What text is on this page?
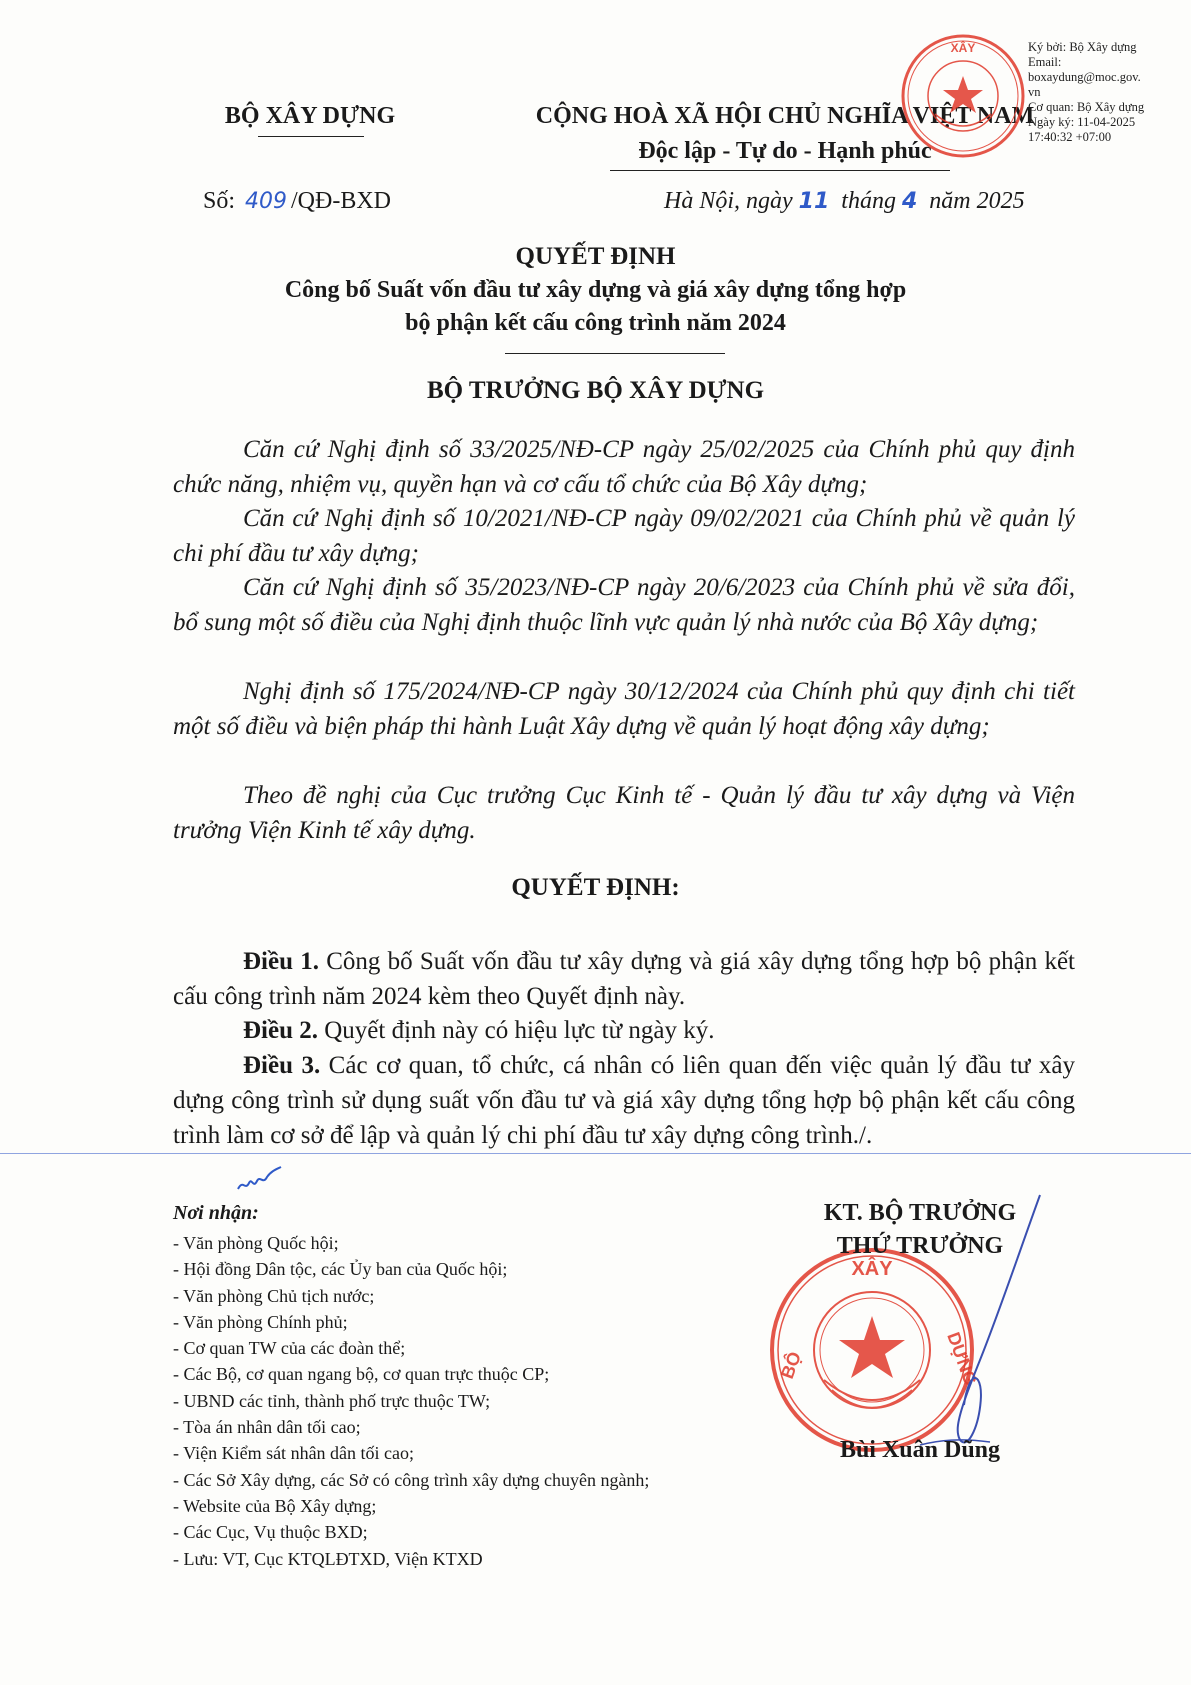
BỘ XÂY DỰNG	CỘNG HOÀ XÃ HỘI CHỦ NGHĨA VIỆT NAM
Độc lập - Tự do - Hạnh phúc
Số: 409 /QĐ-BXD	Hà Nội, ngày 11 tháng 4 năm 2025
QUYẾT ĐỊNH
Công bố Suất vốn đầu tư xây dựng và giá xây dựng tổng hợp
bộ phận kết cấu công trình năm 2024
BỘ TRƯỞNG BỘ XÂY DỰNG

Căn cứ Nghị định số 33/2025/NĐ-CP ngày 25/02/2025 của Chính phủ quy định chức năng, nhiệm vụ, quyền hạn và cơ cấu tổ chức của Bộ Xây dựng;

Căn cứ Nghị định số 10/2021/NĐ-CP ngày 09/02/2021 của Chính phủ về quản lý chi phí đầu tư xây dựng;

Căn cứ Nghị định số 35/2023/NĐ-CP ngày 20/6/2023 của Chính phủ về sửa đổi, bổ sung một số điều của Nghị định thuộc lĩnh vực quản lý nhà nước của Bộ Xây dựng;

Nghị định số 175/2024/NĐ-CP ngày 30/12/2024 của Chính phủ quy định chi tiết một số điều và biện pháp thi hành Luật Xây dựng về quản lý hoạt động xây dựng;

Theo đề nghị của Cục trưởng Cục Kinh tế - Quản lý đầu tư xây dựng và Viện trưởng Viện Kinh tế xây dựng.

QUYẾT ĐỊNH:

Điều 1. Công bố Suất vốn đầu tư xây dựng và giá xây dựng tổng hợp bộ phận kết cấu công trình năm 2024 kèm theo Quyết định này.

Điều 2. Quyết định này có hiệu lực từ ngày ký.

Điều 3. Các cơ quan, tổ chức, cá nhân có liên quan đến việc quản lý đầu tư xây dựng công trình sử dụng suất vốn đầu tư và giá xây dựng tổng hợp bộ phận kết cấu công trình làm cơ sở để lập và quản lý chi phí đầu tư xây dựng công trình./.

Nơi nhận:
- Văn phòng Quốc hội;
- Hội đồng Dân tộc, các Ủy ban của Quốc hội;
- Văn phòng Chủ tịch nước;
- Văn phòng Chính phủ;
- Cơ quan TW của các đoàn thể;
- Các Bộ, cơ quan ngang bộ, cơ quan trực thuộc CP;
- UBND các tỉnh, thành phố trực thuộc TW;
- Tòa án nhân dân tối cao;
- Viện Kiểm sát nhân dân tối cao;
- Các Sở Xây dựng, các Sở có công trình xây dựng chuyên ngành;
- Website của Bộ Xây dựng;
- Các Cục, Vụ thuộc BXD;
- Lưu: VT, Cục KTQLĐTXD, Viện KTXD
XÂY
DỰNG
BỘ
XÂY
KT. BỘ TRƯỞNG
THỨ TRƯỞNG
Bùi Xuân Dũng
Ký bởi: Bộ Xây dựng
Email:
boxaydung@moc.gov.
vn
Cơ quan: Bộ Xây dựng
Ngày ký: 11-04-2025
17:40:32 +07:00
